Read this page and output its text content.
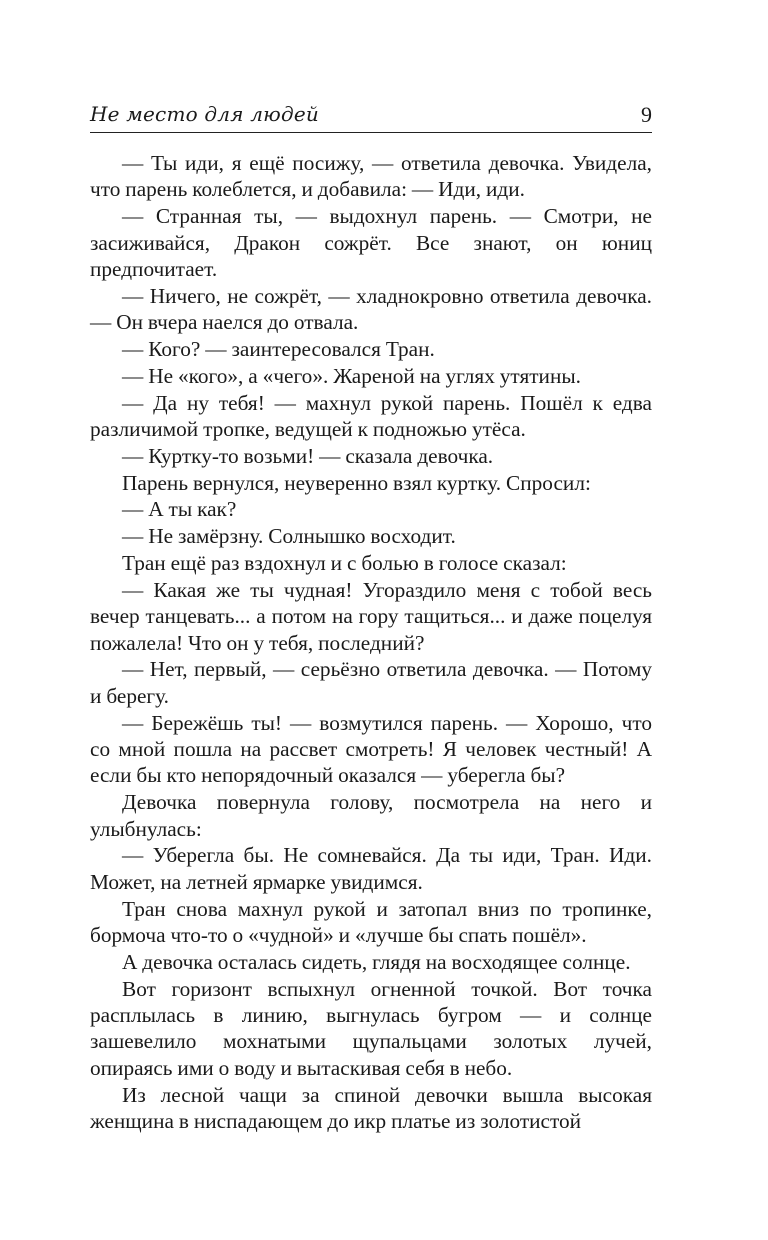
Не место для людей	9

— Ты иди, я ещё посижу, — ответила девочка. Увидела, что парень колеблется, и добавила: — Иди, иди.

— Странная ты, — выдохнул парень. — Смотри, не засиживайся, Дракон сожрёт. Все знают, он юниц предпочитает.

— Ничего, не сожрёт, — хладнокровно ответила девочка. — Он вчера наелся до отвала.

— Кого? — заинтересовался Тран.

— Не «кого», а «чего». Жареной на углях утятины.

— Да ну тебя! — махнул рукой парень. Пошёл к едва различимой тропке, ведущей к подножью утёса.

— Куртку-то возьми! — сказала девочка.

Парень вернулся, неуверенно взял куртку. Спросил:

— А ты как?

— Не замёрзну. Солнышко восходит.

Тран ещё раз вздохнул и с болью в голосе сказал:

— Какая же ты чудная! Угораздило меня с тобой весь вечер танцевать... а потом на гору тащиться... и даже поцелуя пожалела! Что он у тебя, последний?

— Нет, первый, — серьёзно ответила девочка. — Потому и берегу.

— Бережёшь ты! — возмутился парень. — Хорошо, что со мной пошла на рассвет смотреть! Я человек честный! А если бы кто непорядочный оказался — уберегла бы?

Девочка повернула голову, посмотрела на него и улыбнулась:

— Уберегла бы. Не сомневайся. Да ты иди, Тран. Иди. Может, на летней ярмарке увидимся.

Тран снова махнул рукой и затопал вниз по тропинке, бормоча что-то о «чудной» и «лучше бы спать пошёл».

А девочка осталась сидеть, глядя на восходящее солнце.

Вот горизонт вспыхнул огненной точкой. Вот точка расплылась в линию, выгнулась бугром — и солнце зашевелило мохнатыми щупальцами золотых лучей, опираясь ими о воду и вытаскивая себя в небо.

Из лесной чащи за спиной девочки вышла высокая женщина в ниспадающем до икр платье из золотистой
